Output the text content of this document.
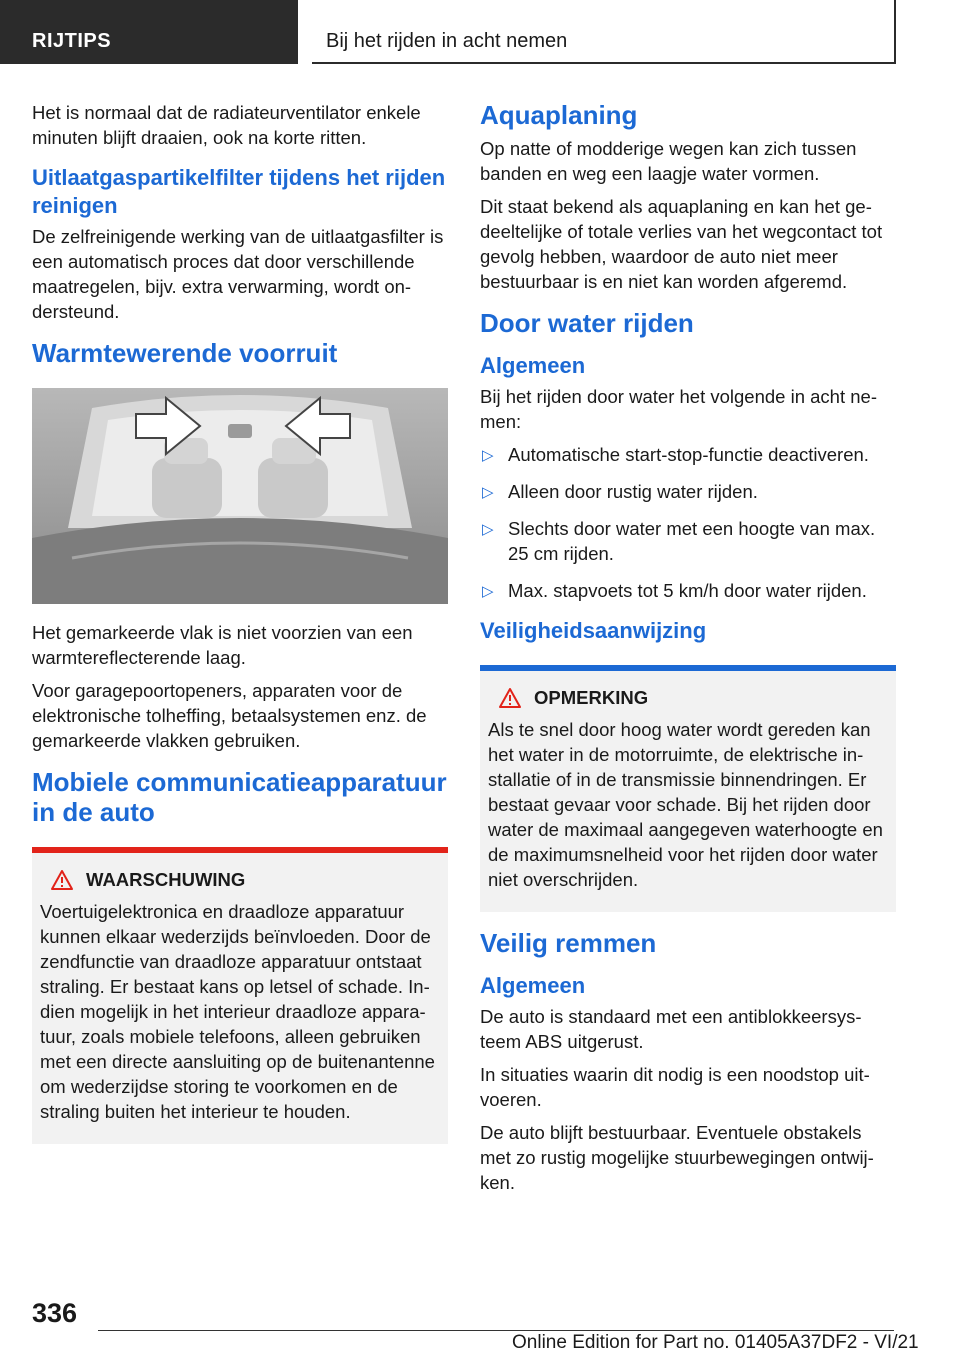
RIJTIPS	Bij het rijden in acht nemen

Het is normaal dat de radiateurventilator enkele minuten blijft draaien, ook na korte ritten.

Uitlaatgaspartikelfilter tijdens het rijden reinigen

De zelfreinigende werking van de uitlaatgasfilter is een automatisch proces dat door verschillende maatregelen, bijv. extra verwarming, wordt ondersteund.

Warmtewerende voorruit

Het gemarkeerde vlak is niet voorzien van een warmtereflecterende laag.

Voor garagepoortopeners, apparaten voor de elektronische tolheffing, betaalsystemen enz. de gemarkeerde vlakken gebruiken.

Mobiele communicatieapparatuur in de auto
WAARSCHUWING

Voertuigelektronica en draadloze apparatuur kunnen elkaar wederzijds beïnvloeden. Door de zendfunctie van draadloze apparatuur ontstaat straling. Er bestaat kans op letsel of schade. Indien mogelijk in het interieur draadloze apparatuur, zoals mobiele telefoons, alleen gebruiken met een directe aansluiting op de buitenantenne om wederzijdse storing te voorkomen en de straling buiten het interieur te houden.

Aquaplaning

Op natte of modderige wegen kan zich tussen banden en weg een laagje water vormen.

Dit staat bekend als aquaplaning en kan het gedeeltelijke of totale verlies van het wegcontact tot gevolg hebben, waardoor de auto niet meer bestuurbaar is en niet kan worden afgeremd.

Door water rijden
Algemeen

Bij het rijden door water het volgende in acht nemen:

▷ Automatische start-stop-functie deactiveren.
▷ Alleen door rustig water rijden.
▷ Slechts door water met een hoogte van max. 25 cm rijden.
▷ Max. stapvoets tot 5 km/h door water rijden.
Veiligheidsaanwijzing
OPMERKING

Als te snel door hoog water wordt gereden kan het water in de motorruimte, de elektrische installatie of in de transmissie binnendringen. Er bestaat gevaar voor schade. Bij het rijden door water de maximaal aangegeven waterhoogte en de maximumsnelheid voor het rijden door water niet overschrijden.

Veilig remmen
Algemeen

De auto is standaard met een antiblokkeersysteem ABS uitgerust.

In situaties waarin dit nodig is een noodstop uitvoeren.

De auto blijft bestuurbaar. Eventuele obstakels met zo rustig mogelijke stuurbewegingen ontwijken.

336
Online Edition for Part no. 01405A37DF2 - VI/21
